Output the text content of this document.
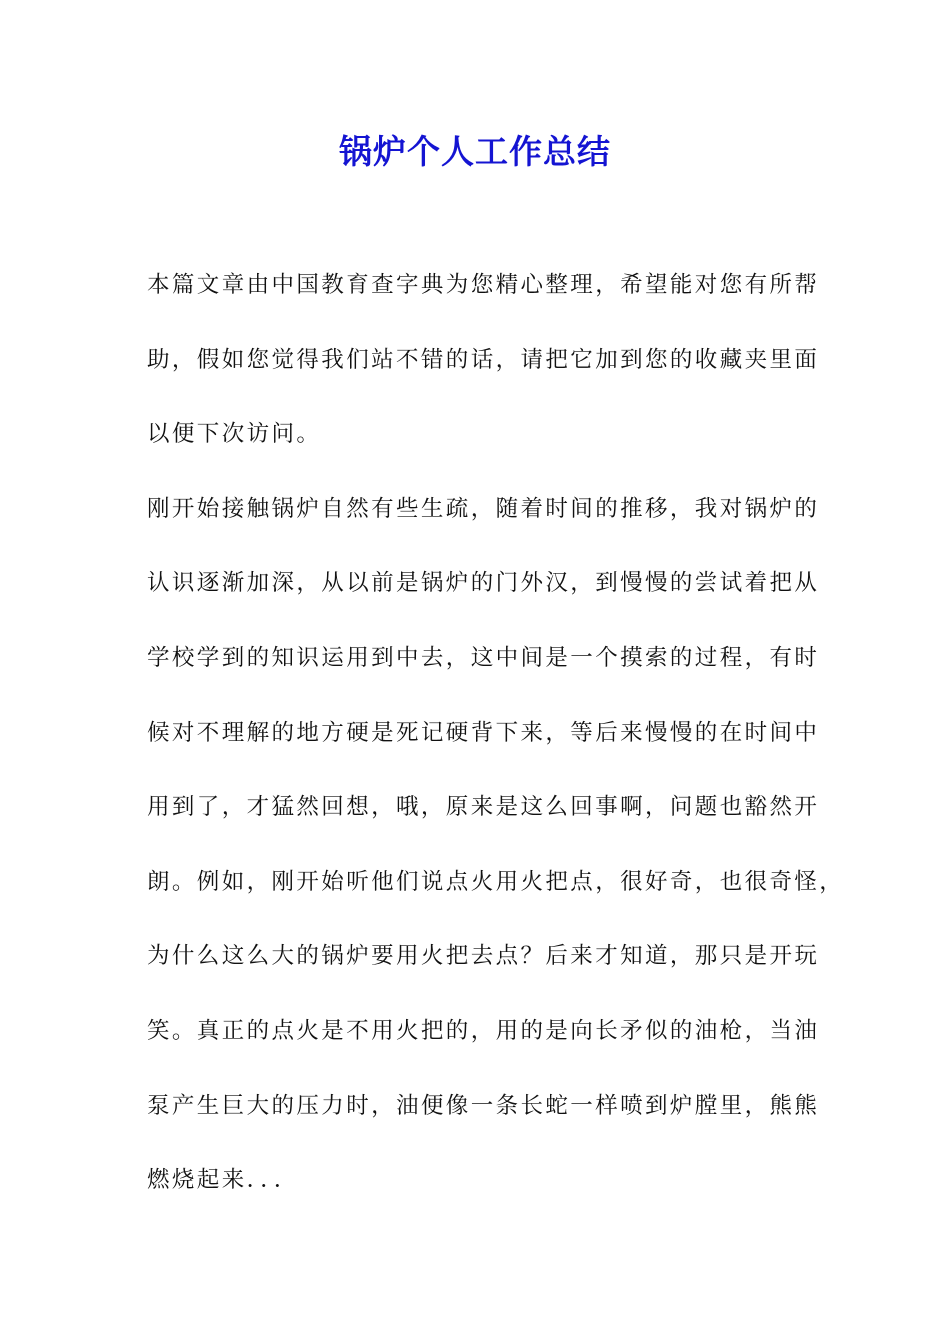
锅炉个人工作总结
本篇文章由中国教育查字典为您精心整理，希望能对您有所帮
助，假如您觉得我们站不错的话，请把它加到您的收藏夹里面
以便下次访问。
刚开始接触锅炉自然有些生疏，随着时间的推移，我对锅炉的
认识逐渐加深，从以前是锅炉的门外汉，到慢慢的尝试着把从
学校学到的知识运用到中去，这中间是一个摸索的过程，有时
候对不理解的地方硬是死记硬背下来，等后来慢慢的在时间中
用到了，才猛然回想，哦，原来是这么回事啊，问题也豁然开
朗。例如，刚开始听他们说点火用火把点，很好奇，也很奇怪，
为什么这么大的锅炉要用火把去点？后来才知道，那只是开玩
笑。真正的点火是不用火把的，用的是向长矛似的油枪，当油
泵产生巨大的压力时，油便像一条长蛇一样喷到炉膛里，熊熊
燃烧起来．．．
